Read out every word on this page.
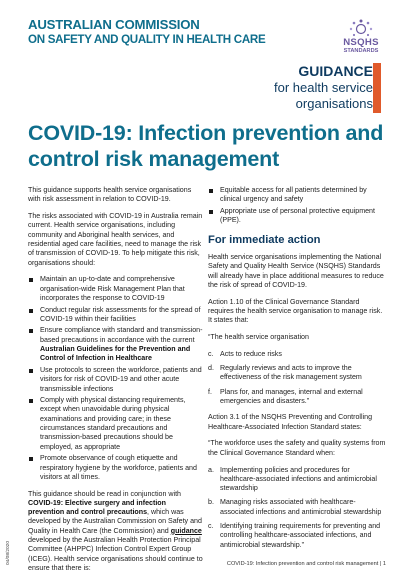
AUSTRALIAN COMMISSION
ON SAFETY AND QUALITY IN HEALTH CARE	NSQHS
STANDARDS
GUIDANCE
for health service
organisations
COVID-19: Infection prevention and control risk management

This guidance supports health service organisations with risk assessment in relation to COVID-19.

The risks associated with COVID-19 in Australia remain current. Health service organisations, including community and Aboriginal health services, and residential aged care facilities, need to manage the risk of transmission of COVID-19. To help mitigate this risk, organisations should:

Maintain an up-to-date and comprehensive organisation-wide Risk Management Plan that incorporates the response to COVID-19
Conduct regular risk assessments for the spread of COVID-19 within their facilities
Ensure compliance with standard and transmission-based precautions in accordance with the current Australian Guidelines for the Prevention and Control of Infection in Healthcare
Use protocols to screen the workforce, patients and visitors for risk of COVID-19 and other acute transmissible infections
Comply with physical distancing requirements, except when unavoidable during physical examinations and providing care; in these circumstances standard precautions and transmission-based precautions should be employed, as appropriate
Promote observance of cough etiquette and respiratory hygiene by the workforce, patients and visitors at all times.

This guidance should be read in conjunction with COVID-19: Elective surgery and infection prevention and control precautions, which was developed by the Australian Commission on Safety and Quality in Health Care (the Commission) and guidance developed by the Australian Health Protection Principal Committee (AHPPC) Infection Control Expert Group (ICEG). Health service organisations should continue to ensure that there is:

Equitable access for all patients determined by clinical urgency and safety
Appropriate use of personal protective equipment (PPE).
For immediate action

Health service organisations implementing the National Safety and Quality Health Service (NSQHS) Standards will already have in place additional measures to reduce the risk of spread of COVID-19.

Action 1.10 of the Clinical Governance Standard requires the health service organisation to manage risk. It states that:

“The health service organisation

c. Acts to reduce risks
d. Regularly reviews and acts to improve the effectiveness of the risk management system
f. Plans for, and manages, internal and external emergencies and disasters.”

Action 3.1 of the NSQHS Preventing and Controlling Healthcare-Associated Infection Standard states:

“The workforce uses the safety and quality systems from the Clinical Governance Standard when:

a. Implementing policies and procedures for healthcare-associated infections and antimicrobial stewardship
b. Managing risks associated with healthcare-associated infections and antimicrobial stewardship
c. Identifying training requirements for preventing and controlling healthcare-associated infections, and antimicrobial stewardship.”
04/08/2020	COVID-19: Infection prevention and control risk management | 1
